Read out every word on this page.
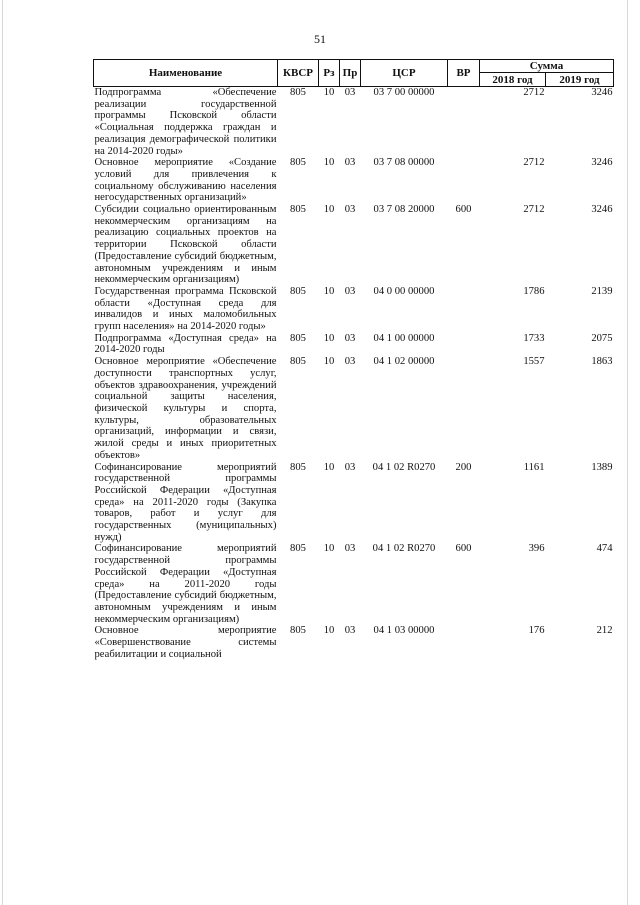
51
Наименование	КВСР	Рз	Пр	ЦСР	ВР	Сумма	
						2018 год	2019 год
Подпрограмма «Обеспечение реализации государственной программы Псковской области «Социальная поддержка граждан и реализация демографической политики на 2014-2020 годы»	805	10	03	03 7 00 00000		2712	3246
Основное мероприятие «Создание условий для привлечения к социальному обслуживанию населения негосударственных организаций»	805	10	03	03 7 08 00000		2712	3246
Субсидии социально ориентированным некоммерческим организациям на реализацию социальных проектов на территории Псковской области (Предоставление субсидий бюджетным, автономным учреждениям и иным некоммерческим организациям)	805	10	03	03 7 08 20000	600	2712	3246
Государственная программа Псковской области «Доступная среда для инвалидов и иных маломобильных групп населения» на 2014-2020 годы»	805	10	03	04 0 00 00000		1786	2139
Подпрограмма «Доступная среда» на 2014-2020 годы	805	10	03	04 1 00 00000		1733	2075
Основное мероприятие «Обеспечение доступности транспортных услуг, объектов здравоохранения, учреждений социальной защиты населения, физической культуры и спорта, культуры, образовательных организаций, информации и связи, жилой среды и иных приоритетных объектов»	805	10	03	04 1 02 00000		1557	1863
Софинансирование мероприятий государственной программы Российской Федерации «Доступная среда» на 2011-2020 годы (Закупка товаров, работ и услуг для государственных (муниципальных) нужд)	805	10	03	04 1 02 R0270	200	1161	1389
Софинансирование мероприятий государственной программы Российской Федерации «Доступная среда» на 2011-2020 годы (Предоставление субсидий бюджетным, автономным учреждениям и иным некоммерческим организациям)	805	10	03	04 1 02 R0270	600	396	474
Основное мероприятие «Совершенствование системы реабилитации и социальной	805	10	03	04 1 03 00000		176	212
